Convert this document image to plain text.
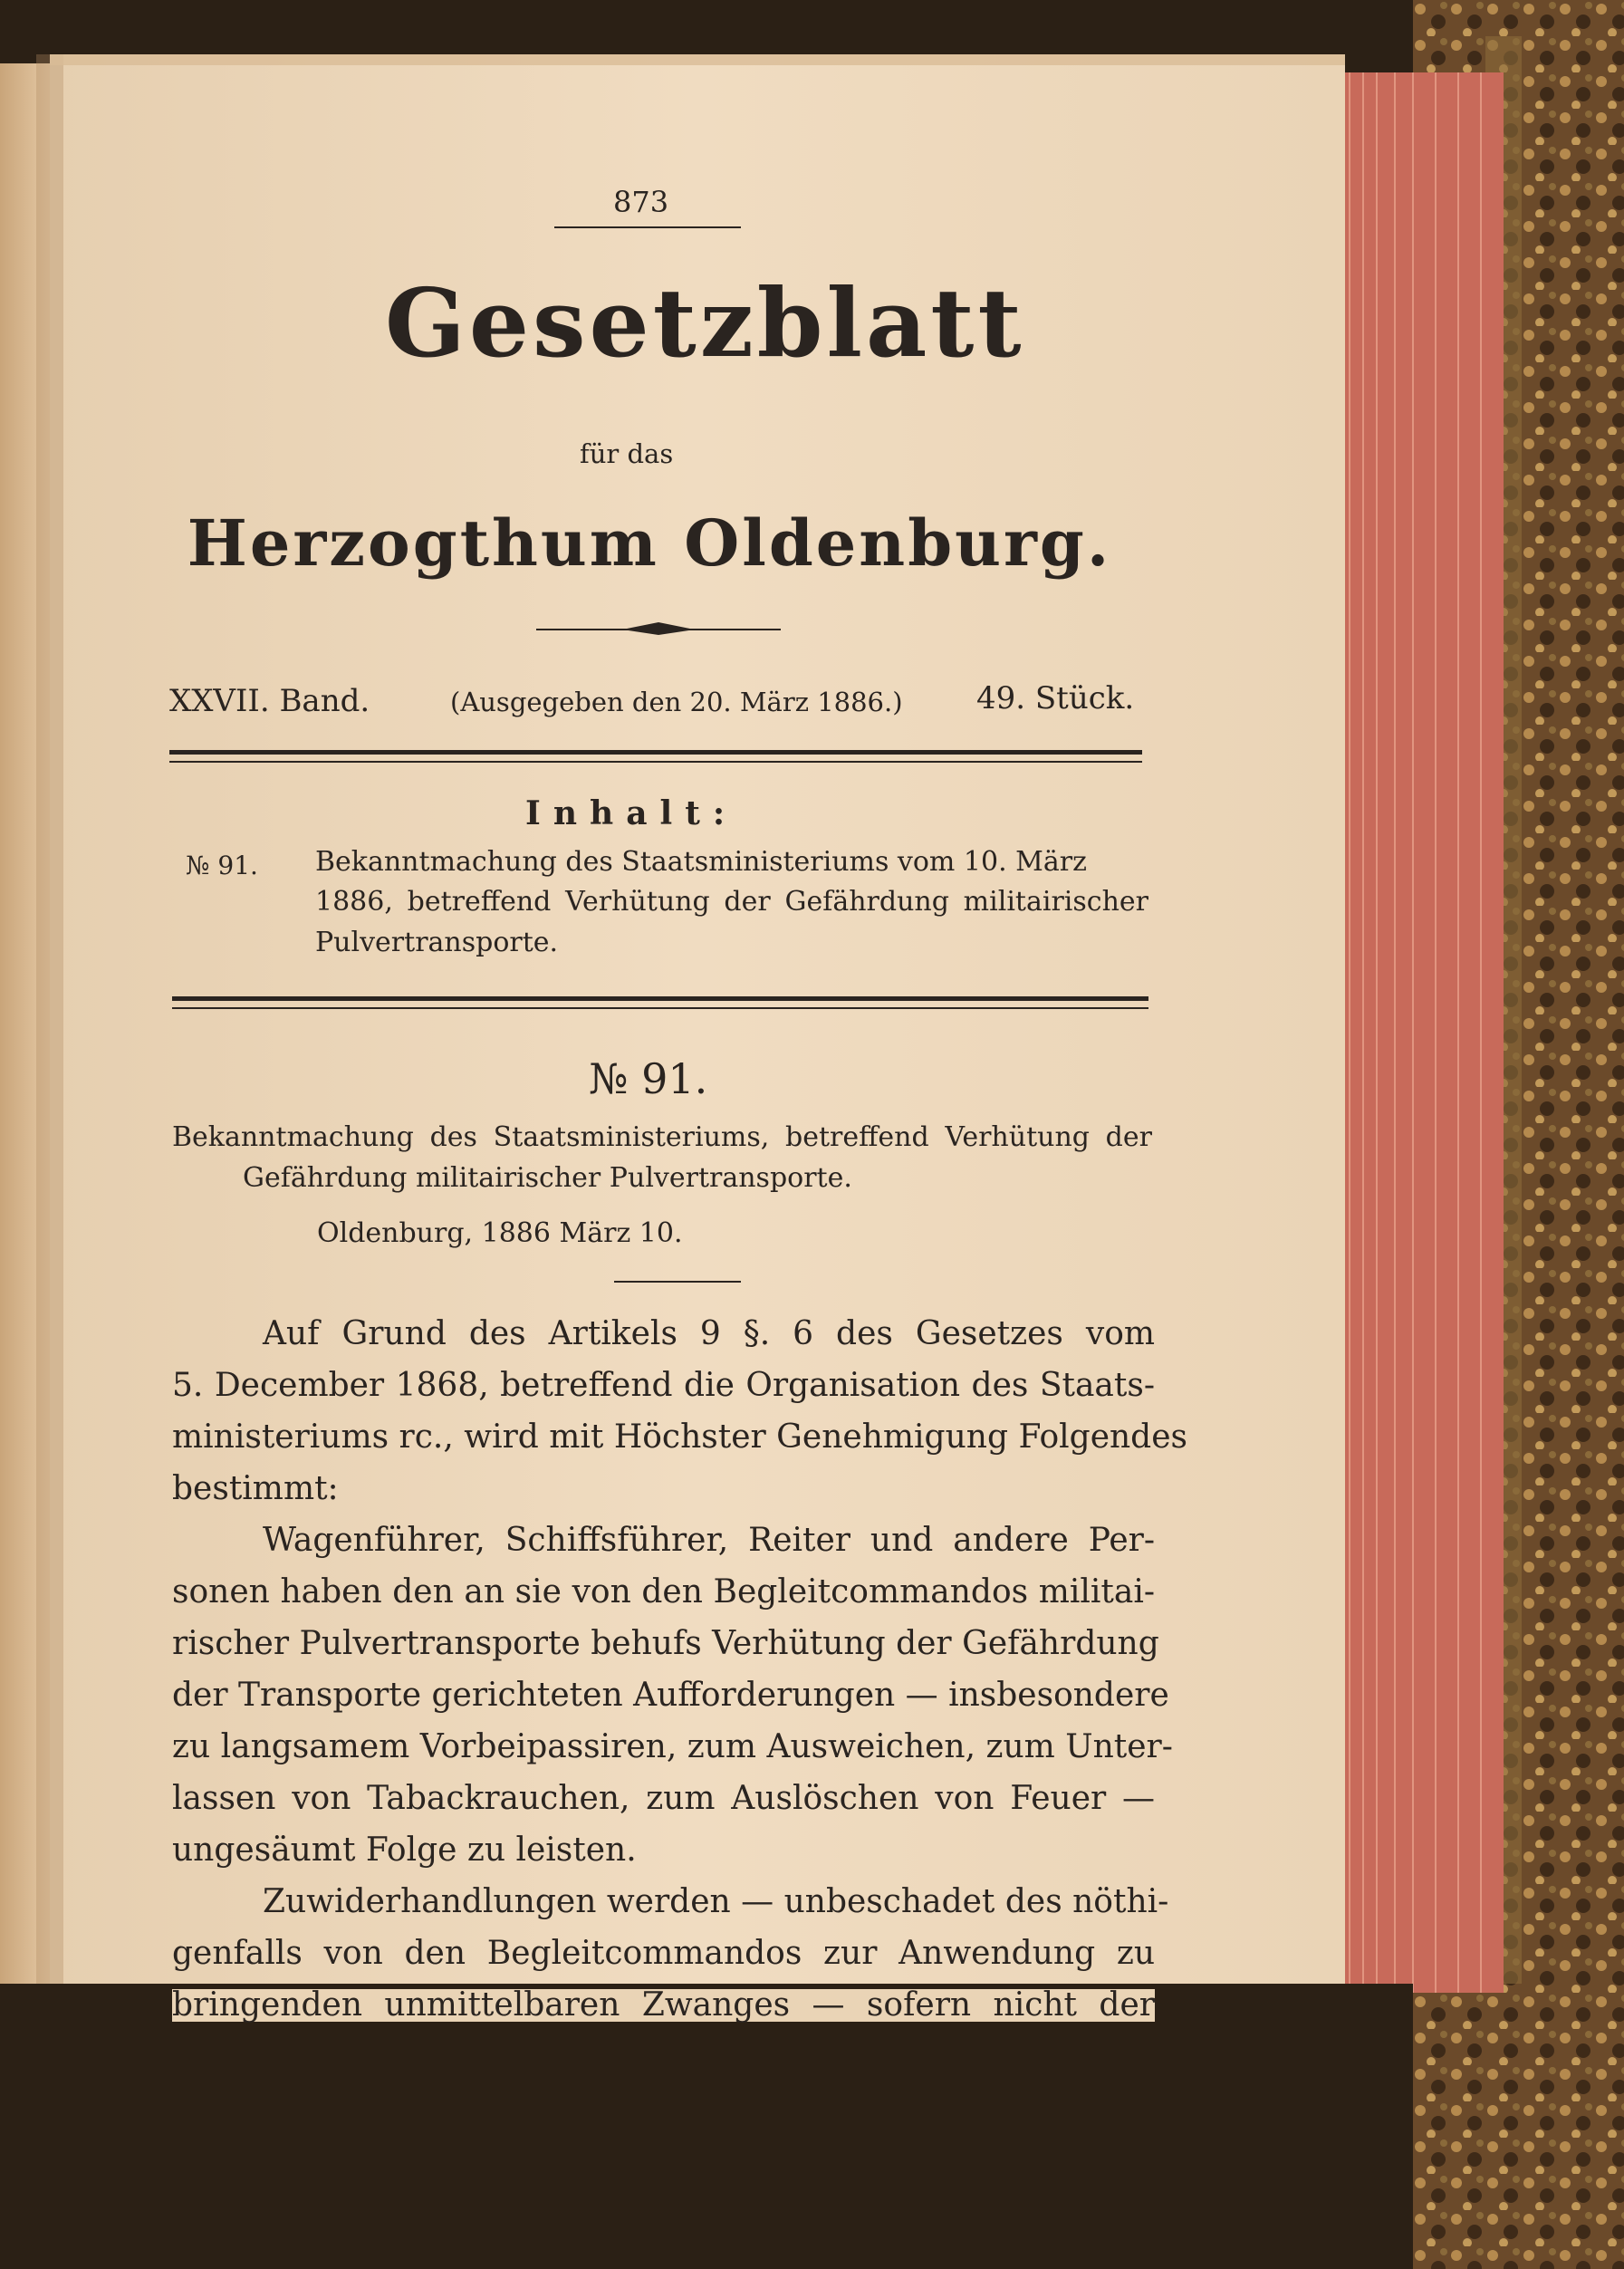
873
Gesetzblatt
für das
Herzogthum Oldenburg.
XXVII. Band.	(Ausgegeben den 20. März 1886.) 49. Stück.
Inhalt:
№ 91. Bekanntmachung des Staatsministeriums vom 10. März
1886, betreffend Verhütung der Gefährdung militairischer
Pulvertransporte.
№ 91.
Bekanntmachung des Staatsministeriums, betreffend Verhütung der
Gefährdung militairischer Pulvertransporte.
Oldenburg, 1886 März 10.
Auf Grund des Artikels 9 §. 6 des Gesetzes vom
5. December 1868, betreffend die Organisation des Staats-
ministeriums rc., wird mit Höchster Genehmigung Folgendes
bestimmt:
Wagenführer, Schiffsführer, Reiter und andere Per-
sonen haben den an sie von den Begleitcommandos militai-
rischer Pulvertransporte behufs Verhütung der Gefährdung
der Transporte gerichteten Aufforderungen — insbesondere
zu langsamem Vorbeipassiren, zum Ausweichen, zum Unter-
lassen von Tabackrauchen, zum Auslöschen von Feuer —
ungesäumt Folge zu leisten.
Zuwiderhandlungen werden — unbeschadet des nöthi-
genfalls von den Begleitcommandos zur Anwendung zu
bringenden unmittelbaren Zwanges — sofern nicht der
